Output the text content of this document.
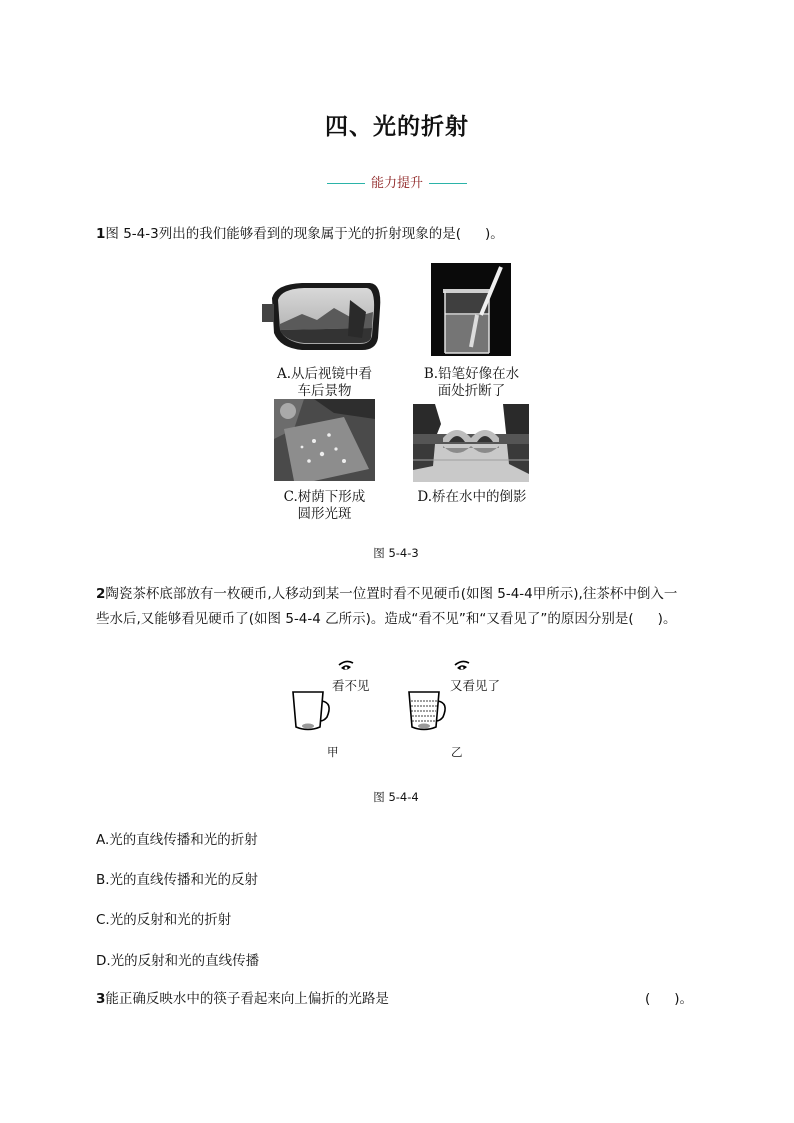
四、光的折射
能力提升
1图 5-4-3列出的我们能够看到的现象属于光的折射现象的是( )。
A.从后视镜中看
车后景物
B.铅笔好像在水
面处折断了
C.树荫下形成
圆形光斑
D.桥在水中的倒影
图 5-4-3
2陶瓷茶杯底部放有一枚硬币,人移动到某一位置时看不见硬币(如图 5-4-4甲所示),往茶杯中倒入一
些水后,又能够看见硬币了(如图 5-4-4 乙所示)。造成“看不见”和“又看见了”的原因分别是( )。
看不见	又看见了
甲	乙
图 5-4-4
A.光的直线传播和光的折射
B.光的直线传播和光的反射
C.光的反射和光的折射
D.光的反射和光的直线传播
3能正确反映水中的筷子看起来向上偏折的光路是	( )。
